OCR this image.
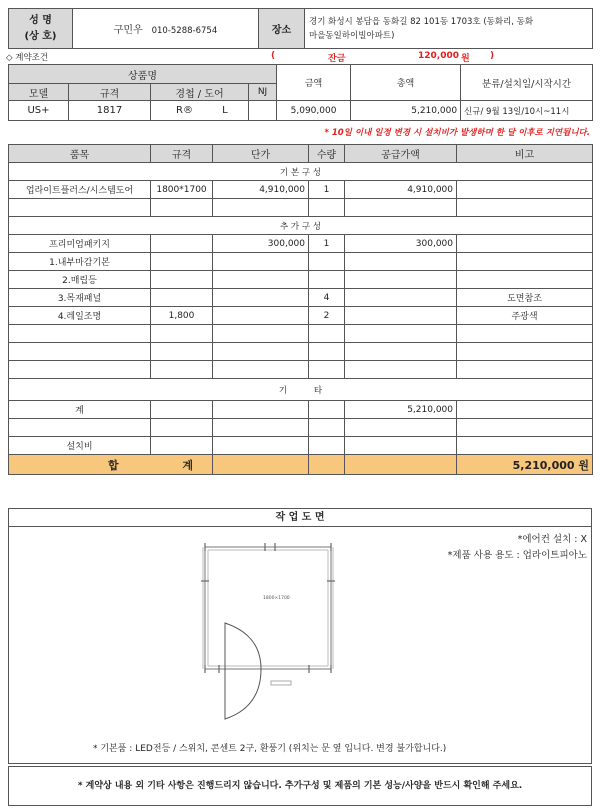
성 명
(상 호)	구민우 010-5288-6754	장소	
경기 화성시 봉담읍 동화길 82 101동 1703호 (동화리, 동화
마을동일하이빌아파트)
◇ 계약조건	(	잔금	120,000 원 )
상품명				금액	총액	분류/설치일/시작시간
모델	규격	경첩 / 도어	NJ			
US+	1817	R® L		5,090,000	5,210,000	신규/ 9월 13일/10시~11시
* 10일 이내 일정 변경 시 설치비가 발생하며 한 달 이후로 지연됩니다.
품목	규격	단가	수량	공급가액	비고
기 본 구 성					
업라이트플러스/시스템도어	1800*1700	4,910,000	1	4,910,000	

추 가 구 성					
프리미엄패키지		300,000	1	300,000	
1.내부마감기본					
2.매립등					
3.목재패널			4		도면참조
4.레일조명	1,800		2		주광색

기 타					
계				5,210,000	

설치비					
합 계					5,210,000 원
작 업 도 면
*에어컨 설치 : X
*제품 사용 용도 : 업라이트피아노
1800×1700
* 기본품 : LED전등 / 스위치, 콘센트 2구, 환풍기 (위치는 문 옆 입니다. 변경 불가합니다.)
* 계약상 내용 외 기타 사항은 진행드리지 않습니다. 추가구성 및 제품의 기본 성능/사양을 반드시 확인해 주세요.
